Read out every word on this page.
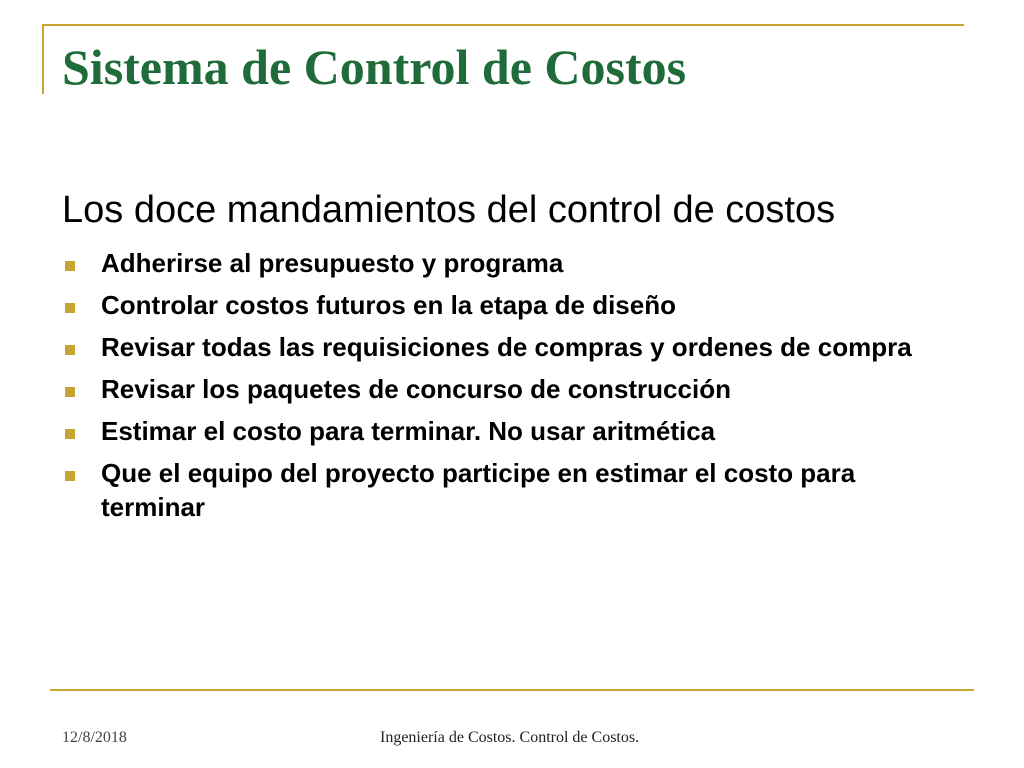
Sistema de Control de Costos
Los doce mandamientos del control de costos
Adherirse al presupuesto y programa
Controlar costos futuros en la etapa de diseño
Revisar todas las requisiciones de compras y ordenes de compra
Revisar los paquetes de concurso de construcción
Estimar el costo para terminar. No usar aritmética
Que el equipo del proyecto participe en estimar el costo para terminar
12/8/2018	Ingeniería de Costos. Control de Costos.
